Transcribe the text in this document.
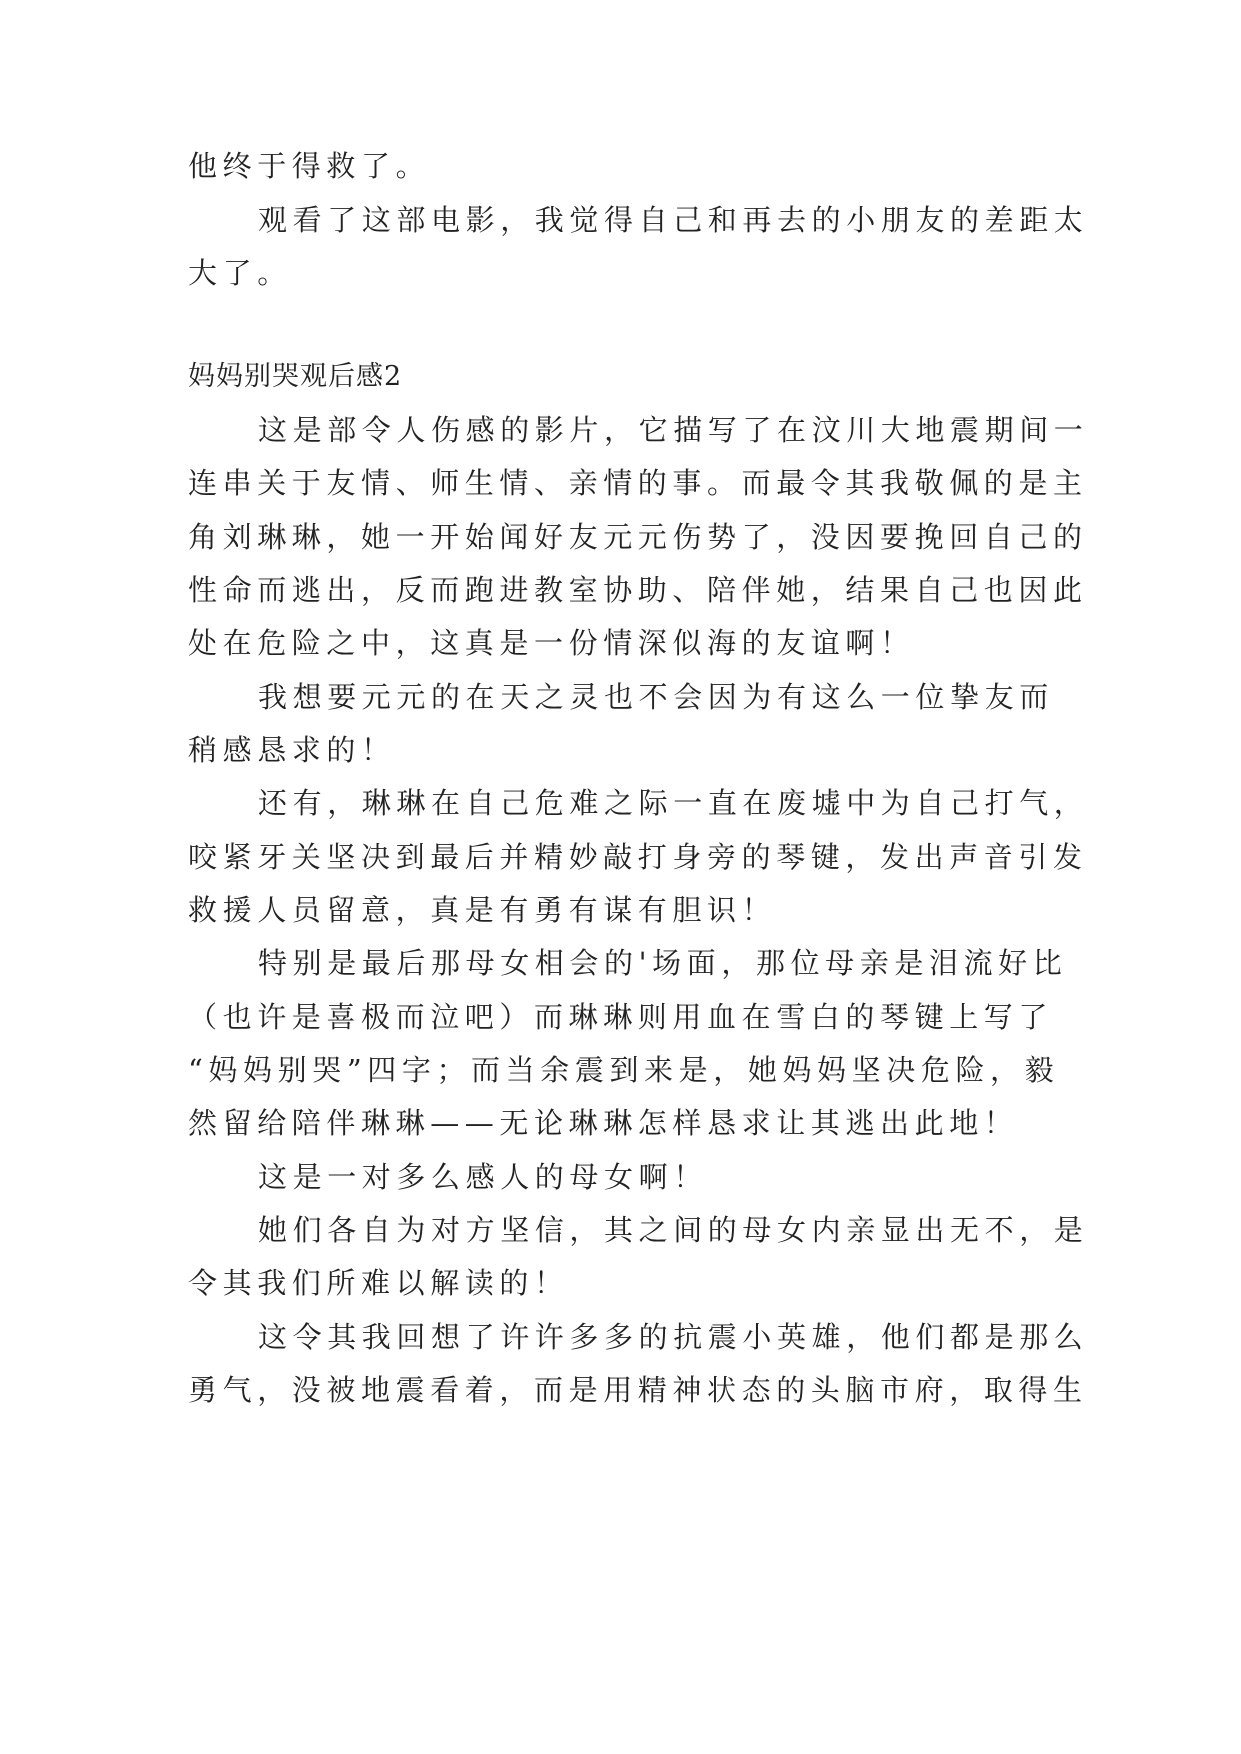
他终于得救了。
观看了这部电影，我觉得自己和再去的小朋友的差距太
大了。
妈妈别哭观后感2
这是部令人伤感的影片，它描写了在汶川大地震期间一
连串关于友情、师生情、亲情的事。而最令其我敬佩的是主
角刘琳琳，她一开始闻好友元元伤势了，没因要挽回自己的
性命而逃出，反而跑进教室协助、陪伴她，结果自己也因此
处在危险之中，这真是一份情深似海的友谊啊！
我想要元元的在天之灵也不会因为有这么一位挚友而
稍感恳求的！
还有，琳琳在自己危难之际一直在废墟中为自己打气，
咬紧牙关坚决到最后并精妙敲打身旁的琴键，发出声音引发
救援人员留意，真是有勇有谋有胆识！
特别是最后那母女相会的'场面，那位母亲是泪流好比
（也许是喜极而泣吧）而琳琳则用血在雪白的琴键上写了
“妈妈别哭”四字；而当余震到来是，她妈妈坚决危险，毅
然留给陪伴琳琳——无论琳琳怎样恳求让其逃出此地！
这是一对多么感人的母女啊！
她们各自为对方坚信，其之间的母女内亲显出无不，是
令其我们所难以解读的！
这令其我回想了许许多多的抗震小英雄，他们都是那么
勇气，没被地震看着，而是用精神状态的头脑市府，取得生
